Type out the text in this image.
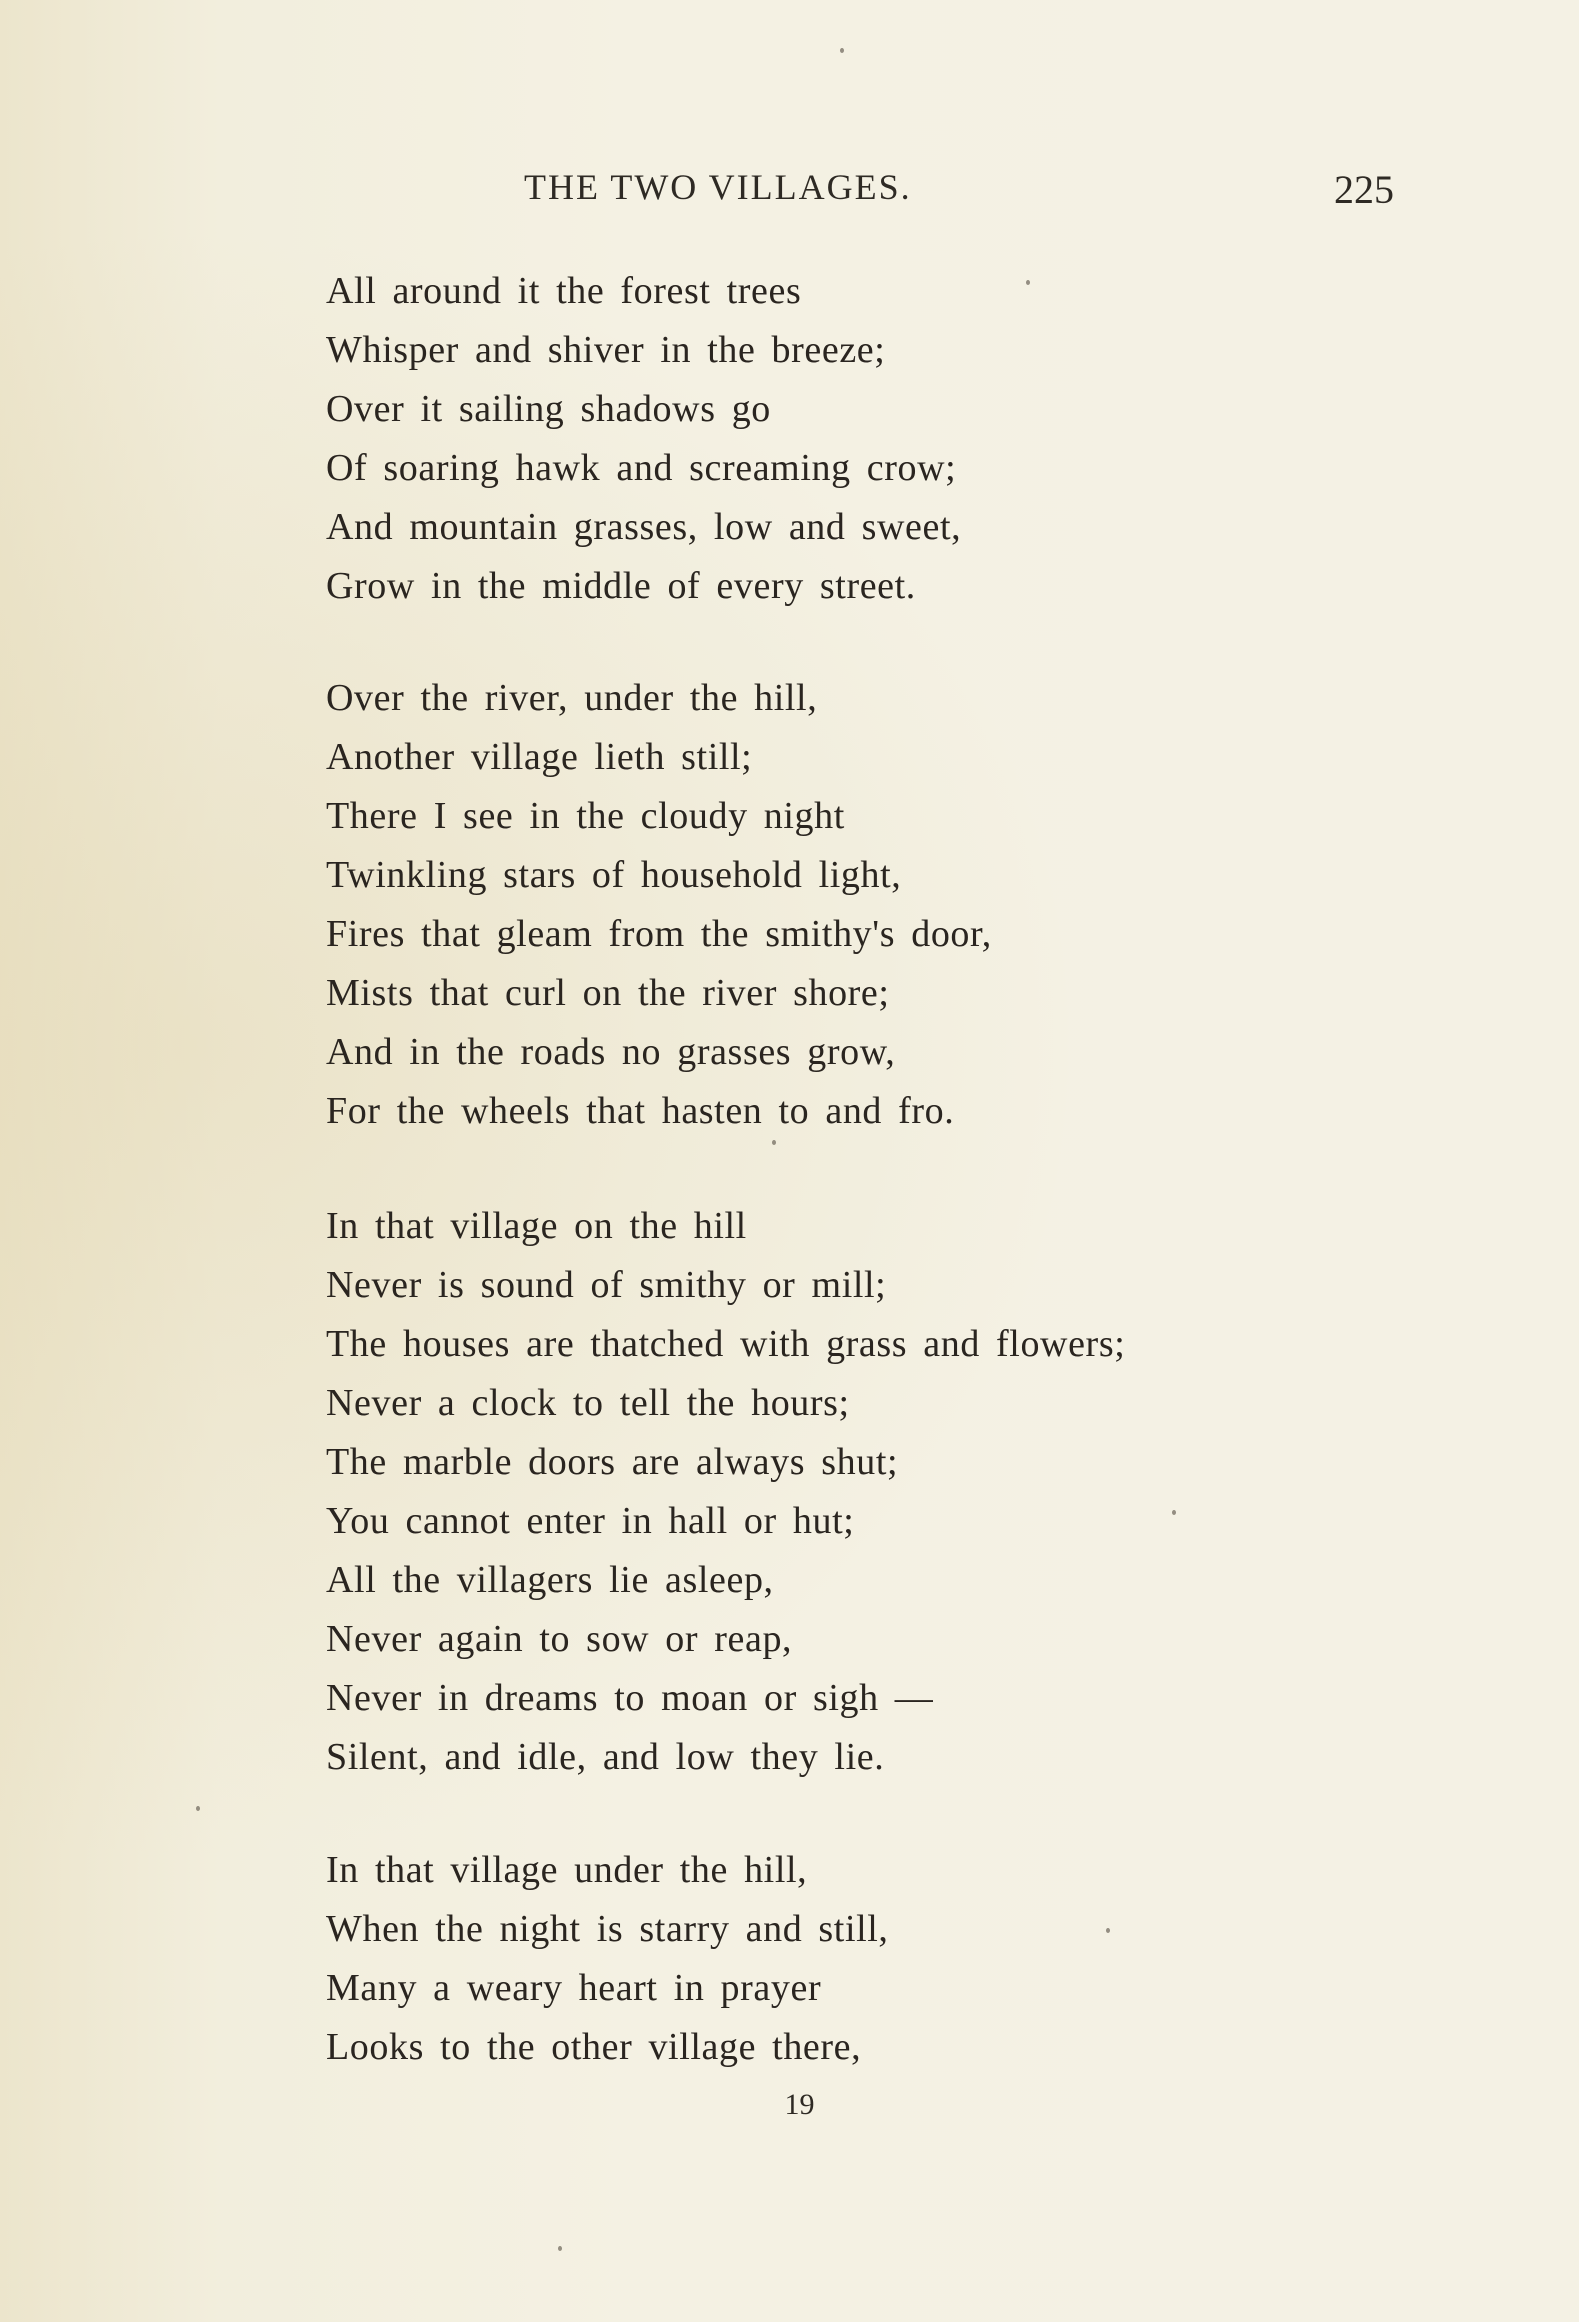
THE TWO VILLAGES.	225
All around it the forest trees
Whisper and shiver in the breeze;
Over it sailing shadows go
Of soaring hawk and screaming crow;
And mountain grasses, low and sweet,
Grow in the middle of every street.
Over the river, under the hill,
Another village lieth still;
There I see in the cloudy night
Twinkling stars of household light,
Fires that gleam from the smithy's door,
Mists that curl on the river shore;
And in the roads no grasses grow,
For the wheels that hasten to and fro.
In that village on the hill
Never is sound of smithy or mill;
The houses are thatched with grass and flowers;
Never a clock to tell the hours;
The marble doors are always shut;
You cannot enter in hall or hut;
All the villagers lie asleep,
Never again to sow or reap,
Never in dreams to moan or sigh —
Silent, and idle, and low they lie.
In that village under the hill,
When the night is starry and still,
Many a weary heart in prayer
Looks to the other village there,
19
